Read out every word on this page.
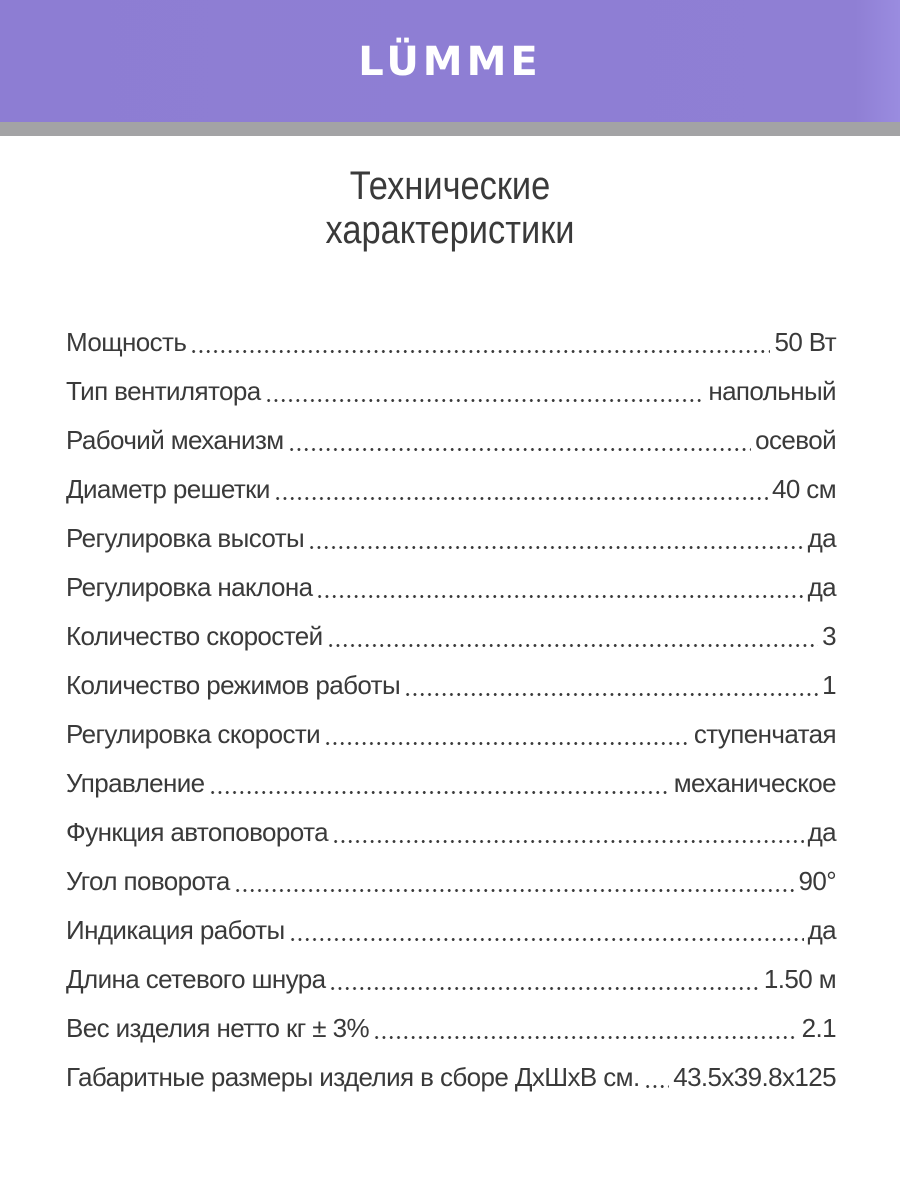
LÜMME
Технические
характеристики
Мощность	50 Вт
Тип вентилятора	напольный
Рабочий механизм	осевой
Диаметр решетки	40 см
Регулировка высоты	да
Регулировка наклона	да
Количество скоростей	3
Количество режимов работы	1
Регулировка скорости	ступенчатая
Управление	механическое
Функция автоповорота	да
Угол поворота	90°
Индикация работы	да
Длина сетевого шнура	1.50 м
Вес изделия нетто кг ± 3%	2.1
Габаритные размеры изделия в сборе ДхШхВ см. 43.5х39.8х125
